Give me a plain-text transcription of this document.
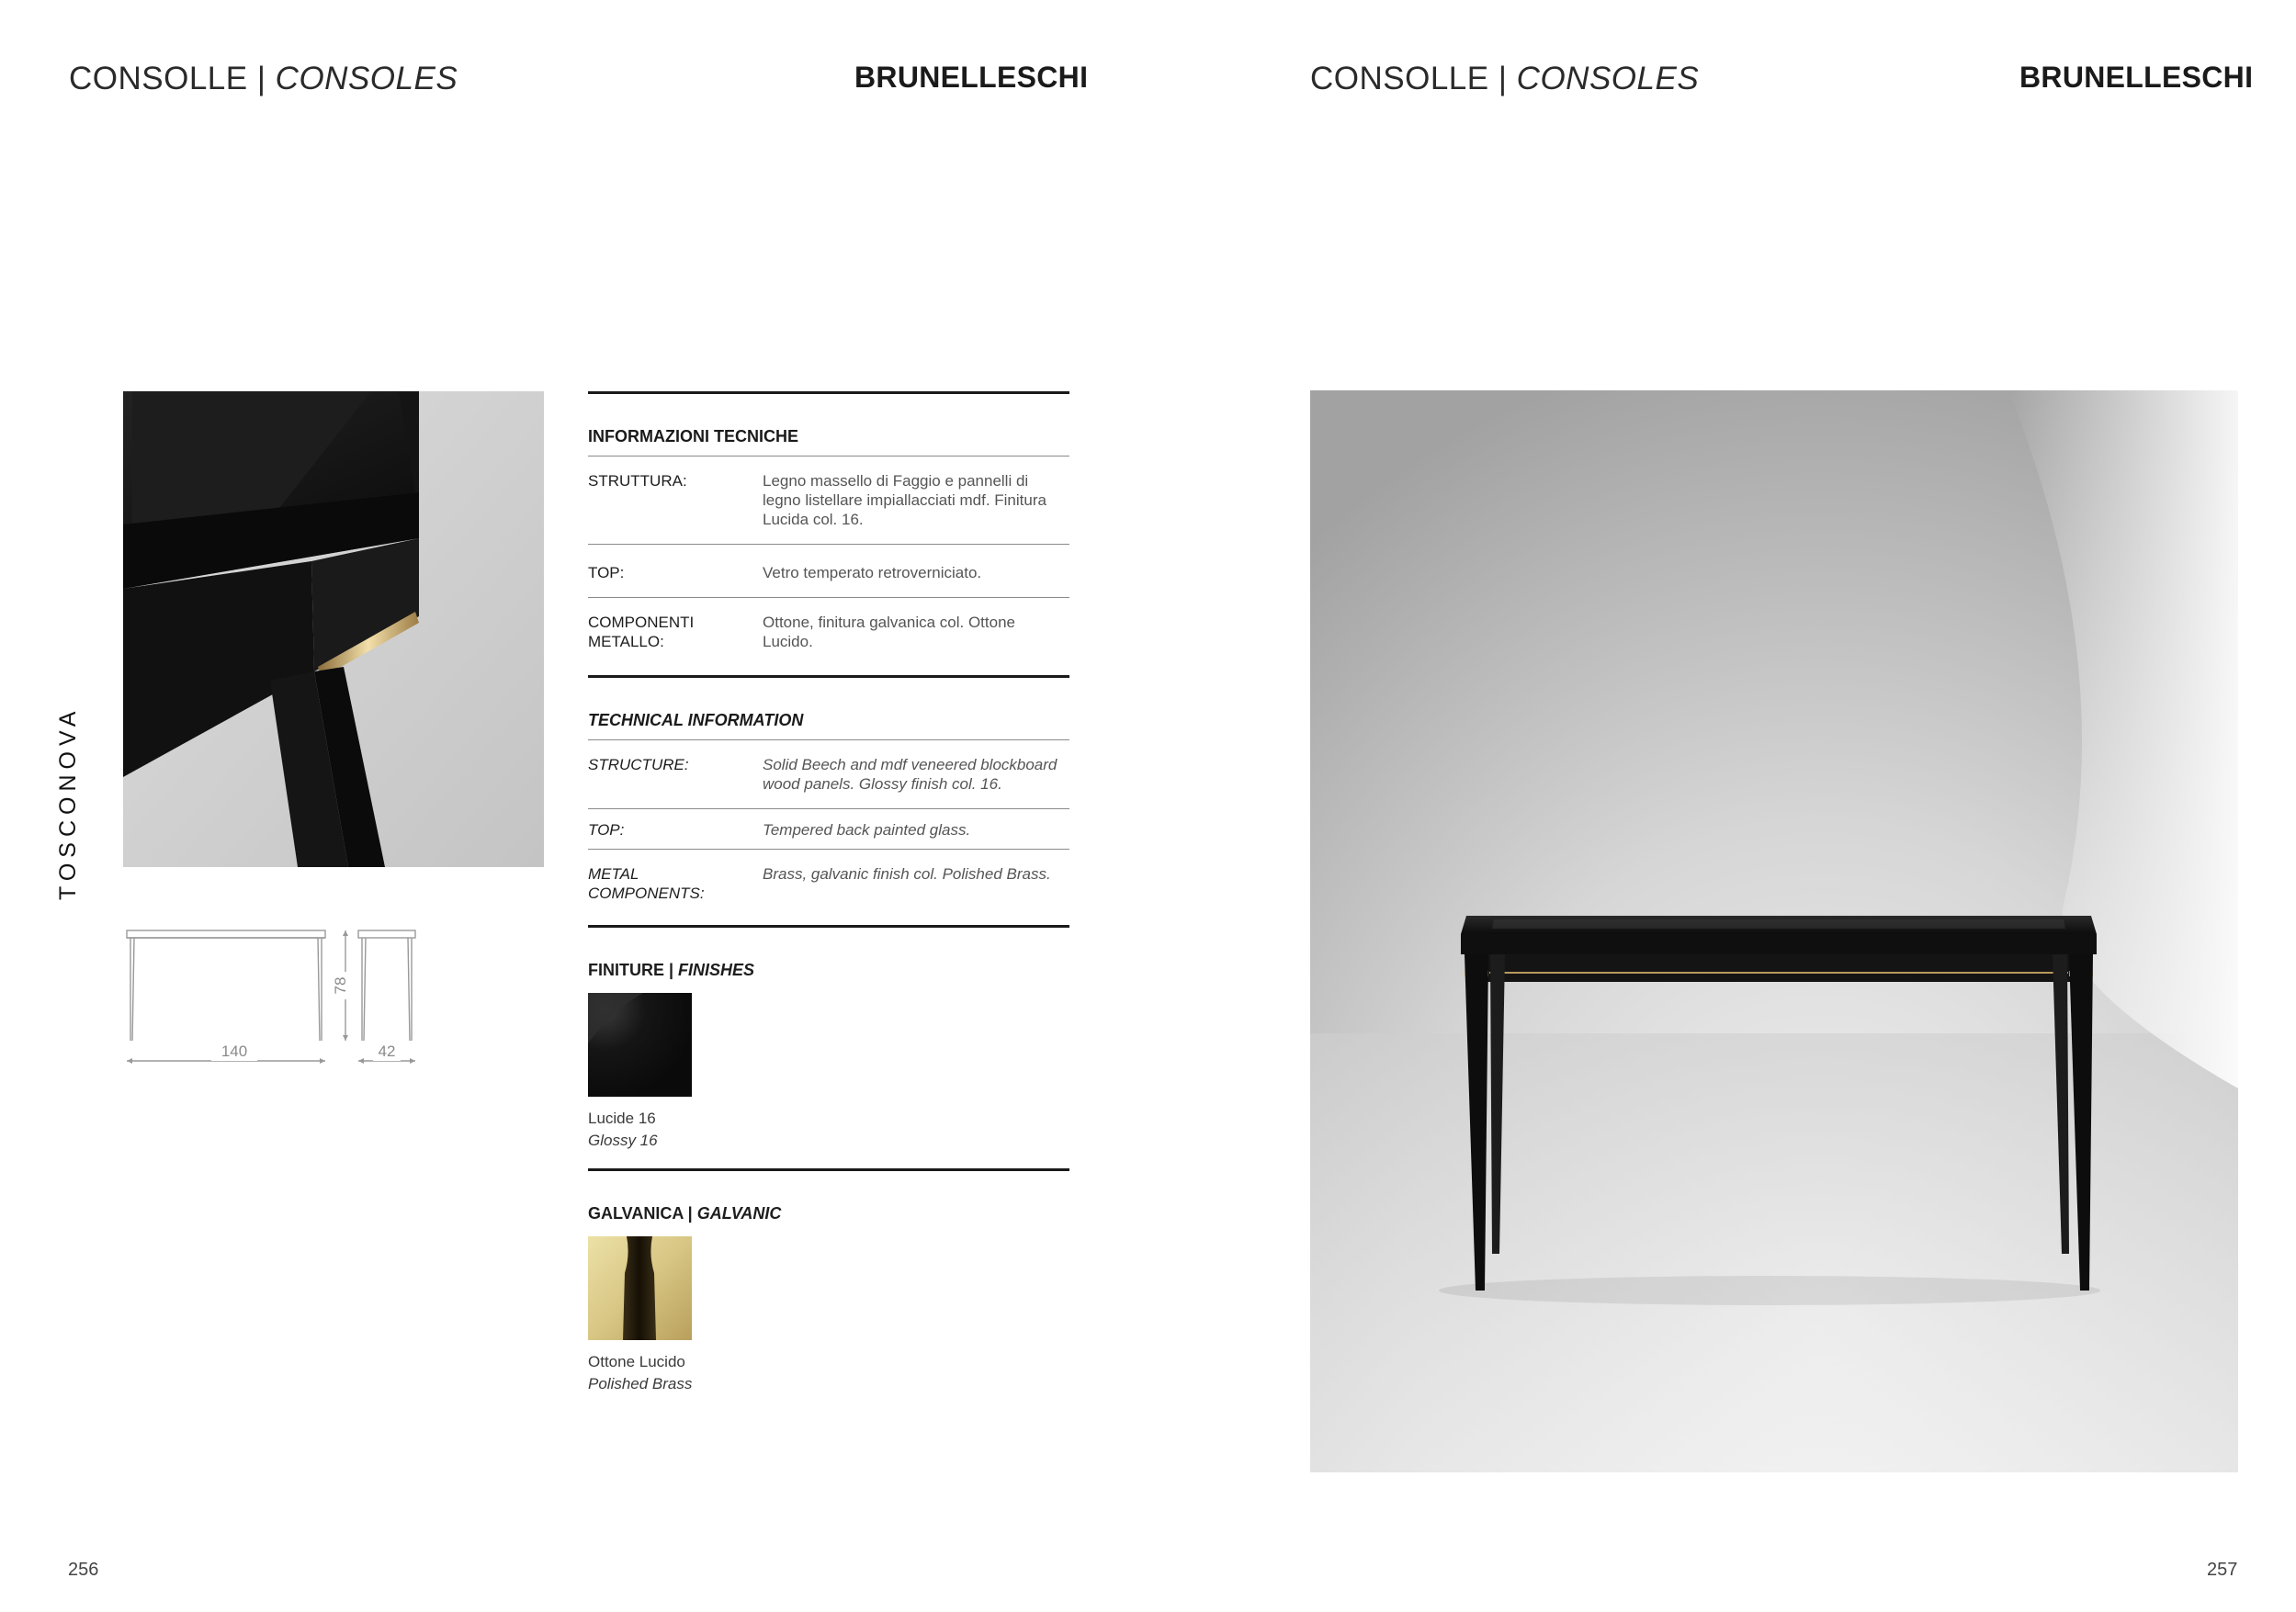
CONSOLLE | CONSOLES	BRUNELLESCHI	CONSOLLE | CONSOLES	BRUNELLESCHI
TOSCONOVA
140	42
78
INFORMAZIONI TECNICHE
STRUTTURA:	Legno massello di Faggio e pannelli di legno listellare impiallacciati mdf. Finitura Lucida col. 16.
TOP:	Vetro temperato retroverniciato.
COMPONENTI METALLO:
Ottone, finitura galvanica col. Ottone Lucido.
TECHNICAL INFORMATION
STRUCTURE:	Solid Beech and mdf veneered blockboard wood panels. Glossy finish col. 16.
TOP:	Tempered back painted glass.
METAL COMPONENTS:
Brass, galvanic finish col. Polished Brass.
FINITURE | FINISHES
Lucide 16
Glossy 16
GALVANICA | GALVANIC
Ottone Lucido
Polished Brass
256	257
